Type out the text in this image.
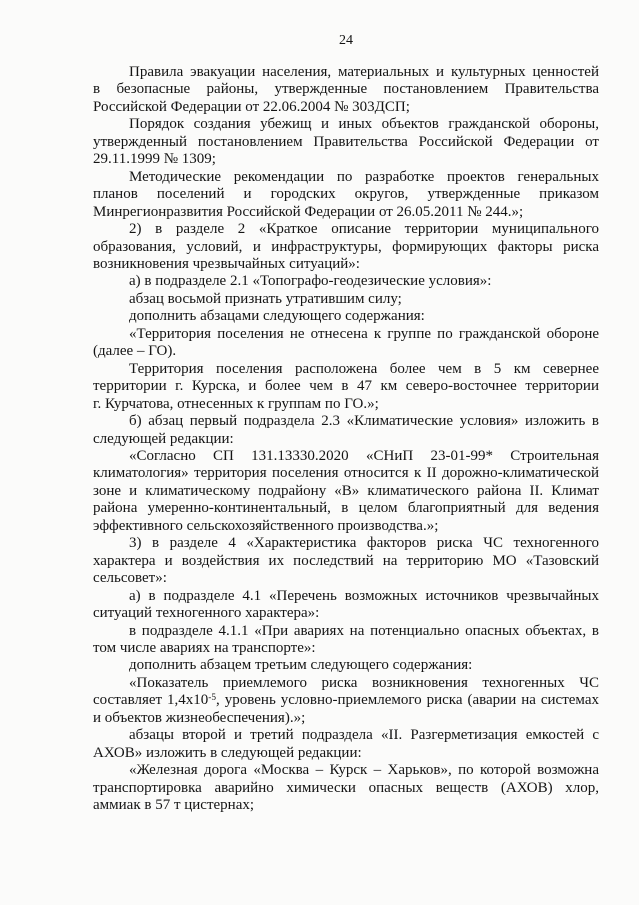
24
Правила эвакуации населения, материальных и культурных ценностей
в безопасные районы, утвержденные постановлением Правительства
Российской Федерации от 22.06.2004 № 303ДСП;
Порядок создания убежищ и иных объектов гражданской обороны,
утвержденный постановлением Правительства Российской Федерации от
29.11.1999 № 1309;
Методические рекомендации по разработке проектов генеральных
планов поселений и городских округов, утвержденные приказом
Минрегионразвития Российской Федерации от 26.05.2011 № 244.»;
2) в разделе 2 «Краткое описание территории муниципального
образования, условий, и инфраструктуры, формирующих факторы риска
возникновения чрезвычайных ситуаций»:
а) в подразделе 2.1 «Топографо-геодезические условия»:
абзац восьмой признать утратившим силу;
дополнить абзацами следующего содержания:
«Территория поселения не отнесена к группе по гражданской обороне
(далее – ГО).
Территория поселения расположена более чем в 5 км севернее
территории г. Курска, и более чем в 47 км северо-восточнее территории
г. Курчатова, отнесенных к группам по ГО.»;
б) абзац первый подраздела 2.3 «Климатические условия» изложить в
следующей редакции:
«Согласно СП 131.13330.2020 «СНиП 23-01-99* Строительная
климатология» территория поселения относится к II дорожно-климатической
зоне и климатическому подрайону «В» климатического района II. Климат
района умеренно-континентальный, в целом благоприятный для ведения
эффективного сельскохозяйственного производства.»;
3) в разделе 4 «Характеристика факторов риска ЧС техногенного
характера и воздействия их последствий на территорию МО «Тазовский
сельсовет»:
а) в подразделе 4.1 «Перечень возможных источников чрезвычайных
ситуаций техногенного характера»:
в подразделе 4.1.1 «При авариях на потенциально опасных объектах, в
том числе авариях на транспорте»:
дополнить абзацем третьим следующего содержания:
«Показатель приемлемого риска возникновения техногенных ЧС
составляет $1,4x10^{-5}$, уровень условно-приемлемого риска (аварии на системах
и объектов жизнеобеспечения).»;
абзацы второй и третий подраздела «II. Разгерметизация емкостей с
АХОВ» изложить в следующей редакции:
«Железная дорога «Москва – Курск – Харьков», по которой возможна
транспортировка аварийно химически опасных веществ (АХОВ) хлор,
аммиак в 57 т цистернах;
